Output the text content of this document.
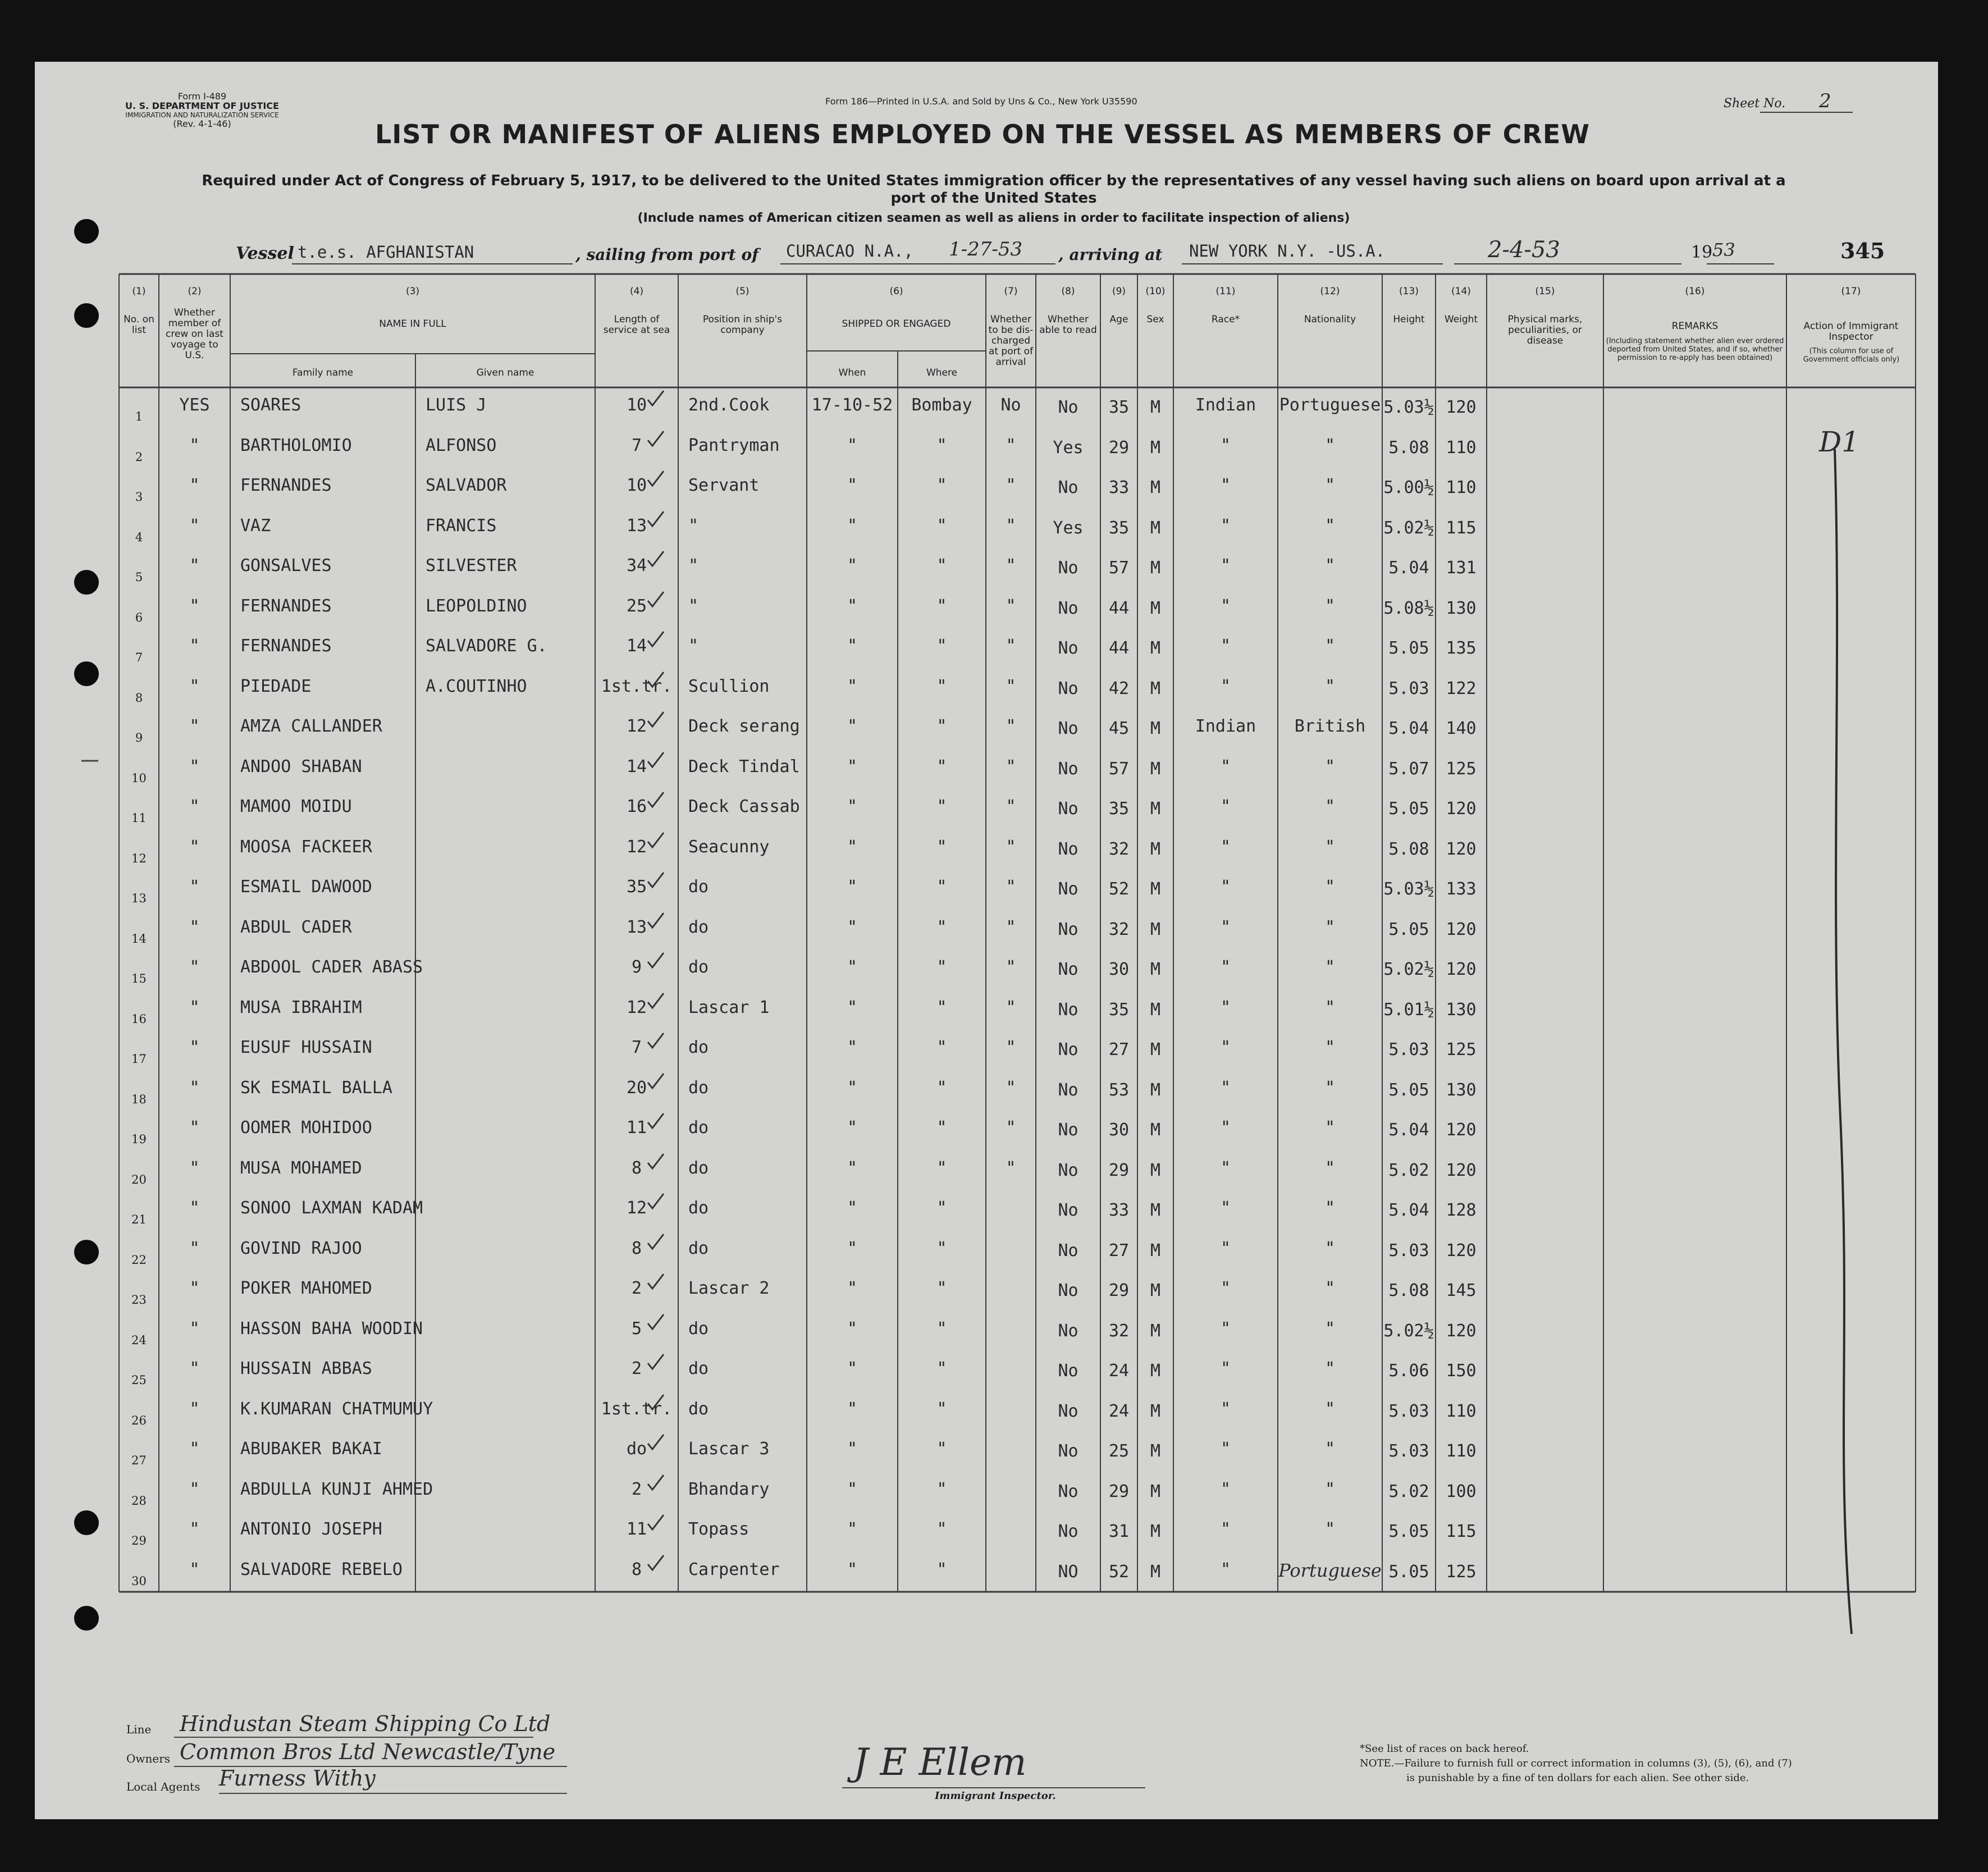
Form I-489
U. S. DEPARTMENT OF JUSTICE
IMMIGRATION AND NATURALIZATION SERVICE
(Rev. 4-1-46)
Form 186—Printed in U.S.A. and Sold by Uns & Co., New York U35590	Sheet No. 2
LIST OR MANIFEST OF ALIENS EMPLOYED ON THE VESSEL AS MEMBERS OF CREW
Required under Act of Congress of February 5, 1917, to be delivered to the United States immigration officer by the representatives of any vessel having such aliens on board upon arrival at a
port of the United States
(Include names of American citizen seamen as well as aliens in order to facilitate inspection of aliens)
Vessel t.e.s. AFGHANISTAN	, sailing from port of CURACAO N.A., 1-27-53 , arriving at NEW YORK N.Y. -US.A.	2-4-53	19 53	345
(1)
No. on list
(2)
Whether member of crew on last voyage to U.S.
(3)
NAME IN FULL
(4)
Length of service at sea
(5)
Position in ship's company
(6)
SHIPPED OR ENGAGED
(7)
Whether to be dis-charged at port of arrival
(8)
Whether able to read
(9)
Age
(10)
Sex
(11)
Race*
(12)
Nationality
(13)
Height
(14)
Weight
(15)
Physical marks, peculiarities, or disease
(16)
REMARKS
(17)
Action of Immigrant Inspector
Family name	Given name	When	Where
(Including statement whether alien ever ordered deported from United States, and if so, whether permission to re-apply has been obtained)
(This column for use of Government officials only)
1
YES	SOARES	LUIS J	10	2nd.Cook	17-10-52	Bombay	No	No	35	M	Indian	Portuguese 5.03½ 120
2
"	BARTHOLOMIO	ALFONSO	7	Pantryman	"	"	"	Yes	29	M	"	"	5.08 110
3
"	FERNANDES	SALVADOR	10	Servant	"	"	"	No	33	M	"	"	5.00½ 110
4
"	VAZ	FRANCIS	13	"	"	"	"	Yes	35	M	"	"	5.02½ 115
5
"	GONSALVES	SILVESTER	34	"	"	"	"	No	57	M	"	"	5.04 131
6
"	FERNANDES	LEOPOLDINO	25	"	"	"	"	No	44	M	"	"	5.08½ 130
7
"	FERNANDES	SALVADORE G.	14	"	"	"	"	No	44	M	"	"	5.05 135
8
"	PIEDADE	A.COUTINHO	1st.tr. Scullion	"	"	"	No	42	M	"	"	5.03 122
9
"	AMZA CALLANDER	12	Deck serang	"	"	"	No	45	M	Indian	British	5.04 140
10
"	ANDOO SHABAN	14	Deck Tindal	"	"	"	No	57	M	"	"	5.07 125
11
"	MAMOO MOIDU	16	Deck Cassab	"	"	"	No	35	M	"	"	5.05 120
12
"	MOOSA FACKEER	12	Seacunny	"	"	"	No	32	M	"	"	5.08 120
13
"	ESMAIL DAWOOD	35	do	"	"	"	No	52	M	"	"	5.03½ 133
14
"	ABDUL CADER	13	do	"	"	"	No	32	M	"	"	5.05 120
15
"	ABDOOL CADER ABASS	9	do	"	"	"	No	30	M	"	"	5.02½ 120
16
"	MUSA IBRAHIM	12	Lascar 1	"	"	"	No	35	M	"	"	5.01½ 130
17
"	EUSUF HUSSAIN	7	do	"	"	"	No	27	M	"	"	5.03 125
18
"	SK ESMAIL BALLA	20	do	"	"	"	No	53	M	"	"	5.05 130
19
"	OOMER MOHIDOO	11	do	"	"	"	No	30	M	"	"	5.04 120
20
"	MUSA MOHAMED	8	do	"	"	"	No	29	M	"	"	5.02 120
21
"	SONOO LAXMAN KADAM	12	do	"	"	No	33	M	"	"	5.04 128
22
"	GOVIND RAJOO	8	do	"	"	No	27	M	"	"	5.03 120
23
"	POKER MAHOMED	2	Lascar 2	"	"	No	29	M	"	"	5.08 145
24
"	HASSON BAHA WOODIN	5	do	"	"	No	32	M	"	"	5.02½ 120
25
"	HUSSAIN ABBAS	2	do	"	"	No	24	M	"	"	5.06 150
26
"	K.KUMARAN CHATMUMUY	1st.tr. do	"	"	No	24	M	"	"	5.03 110
27
"	ABUBAKER BAKAI	do	Lascar 3	"	"	No	25	M	"	"	5.03 110
28
"	ABDULLA KUNJI AHMED	2	Bhandary	"	"	No	29	M	"	"	5.02 100
29
"	ANTONIO JOSEPH	11	Topass	"	"	No	31	M	"	"	5.05 115
30
"	SALVADORE REBELO	8	Carpenter	"	"	NO	52	M	"	Portuguese 5.05 125
D1
Line Hindustan Steam Shipping Co Ltd
Owners Common Bros Ltd Newcastle/Tyne
Local Agents Furness Withy	J E Ellem
Immigrant Inspector.
*See list of races on back hereof.
NOTE.—Failure to furnish full or correct information in columns (3), (5), (6), and (7)
is punishable by a fine of ten dollars for each alien. See other side.
